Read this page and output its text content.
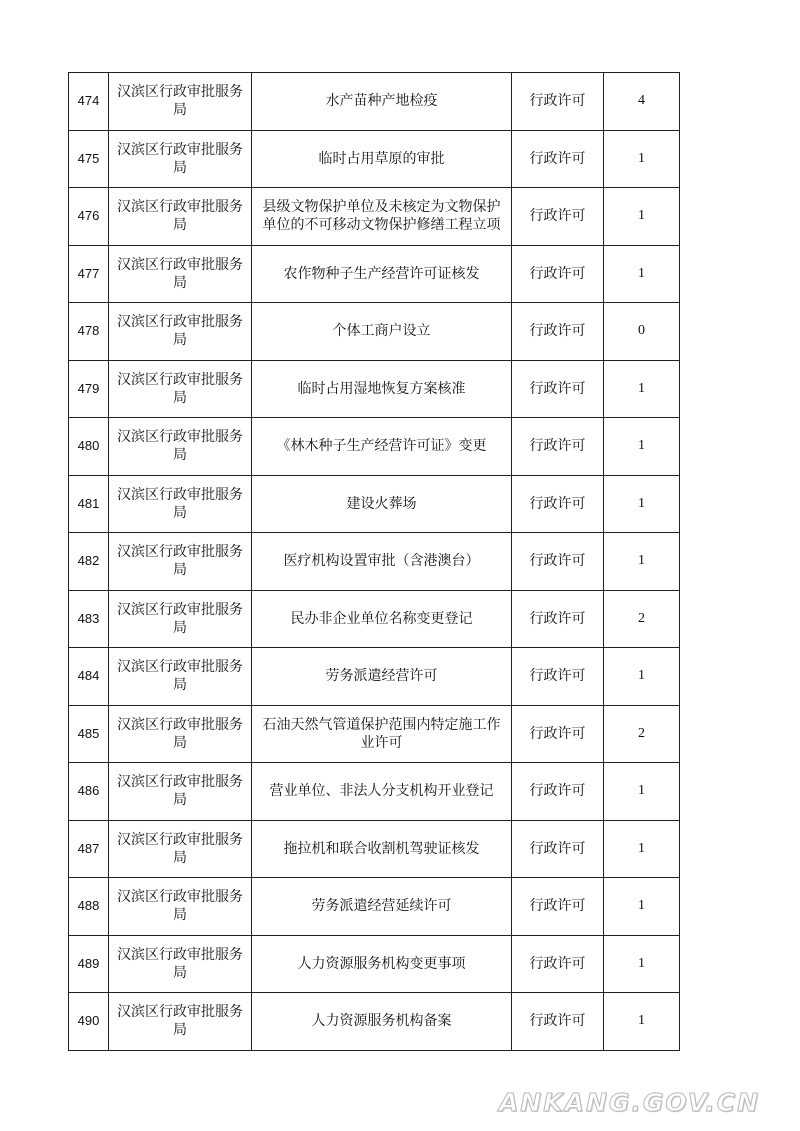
474	汉滨区行政审批服务局	水产苗种产地检疫	行政许可	4
475	汉滨区行政审批服务局	临时占用草原的审批	行政许可	1
476	汉滨区行政审批服务局	县级文物保护单位及未核定为文物保护单位的不可移动文物保护修缮工程立项	行政许可	1
477	汉滨区行政审批服务局	农作物种子生产经营许可证核发	行政许可	1
478	汉滨区行政审批服务局	个体工商户设立	行政许可	0
479	汉滨区行政审批服务局	临时占用湿地恢复方案核准	行政许可	1
480	汉滨区行政审批服务局	《林木种子生产经营许可证》变更	行政许可	1
481	汉滨区行政审批服务局	建设火葬场	行政许可	1
482	汉滨区行政审批服务局	医疗机构设置审批（含港澳台）	行政许可	1
483	汉滨区行政审批服务局	民办非企业单位名称变更登记	行政许可	2
484	汉滨区行政审批服务局	劳务派遣经营许可	行政许可	1
485	汉滨区行政审批服务局	石油天然气管道保护范围内特定施工作业许可	行政许可	2
486	汉滨区行政审批服务局	营业单位、非法人分支机构开业登记	行政许可	1
487	汉滨区行政审批服务局	拖拉机和联合收割机驾驶证核发	行政许可	1
488	汉滨区行政审批服务局	劳务派遣经营延续许可	行政许可	1
489	汉滨区行政审批服务局	人力资源服务机构变更事项	行政许可	1
490	汉滨区行政审批服务局	人力资源服务机构备案	行政许可	1
ANKANG.GOV.CN
